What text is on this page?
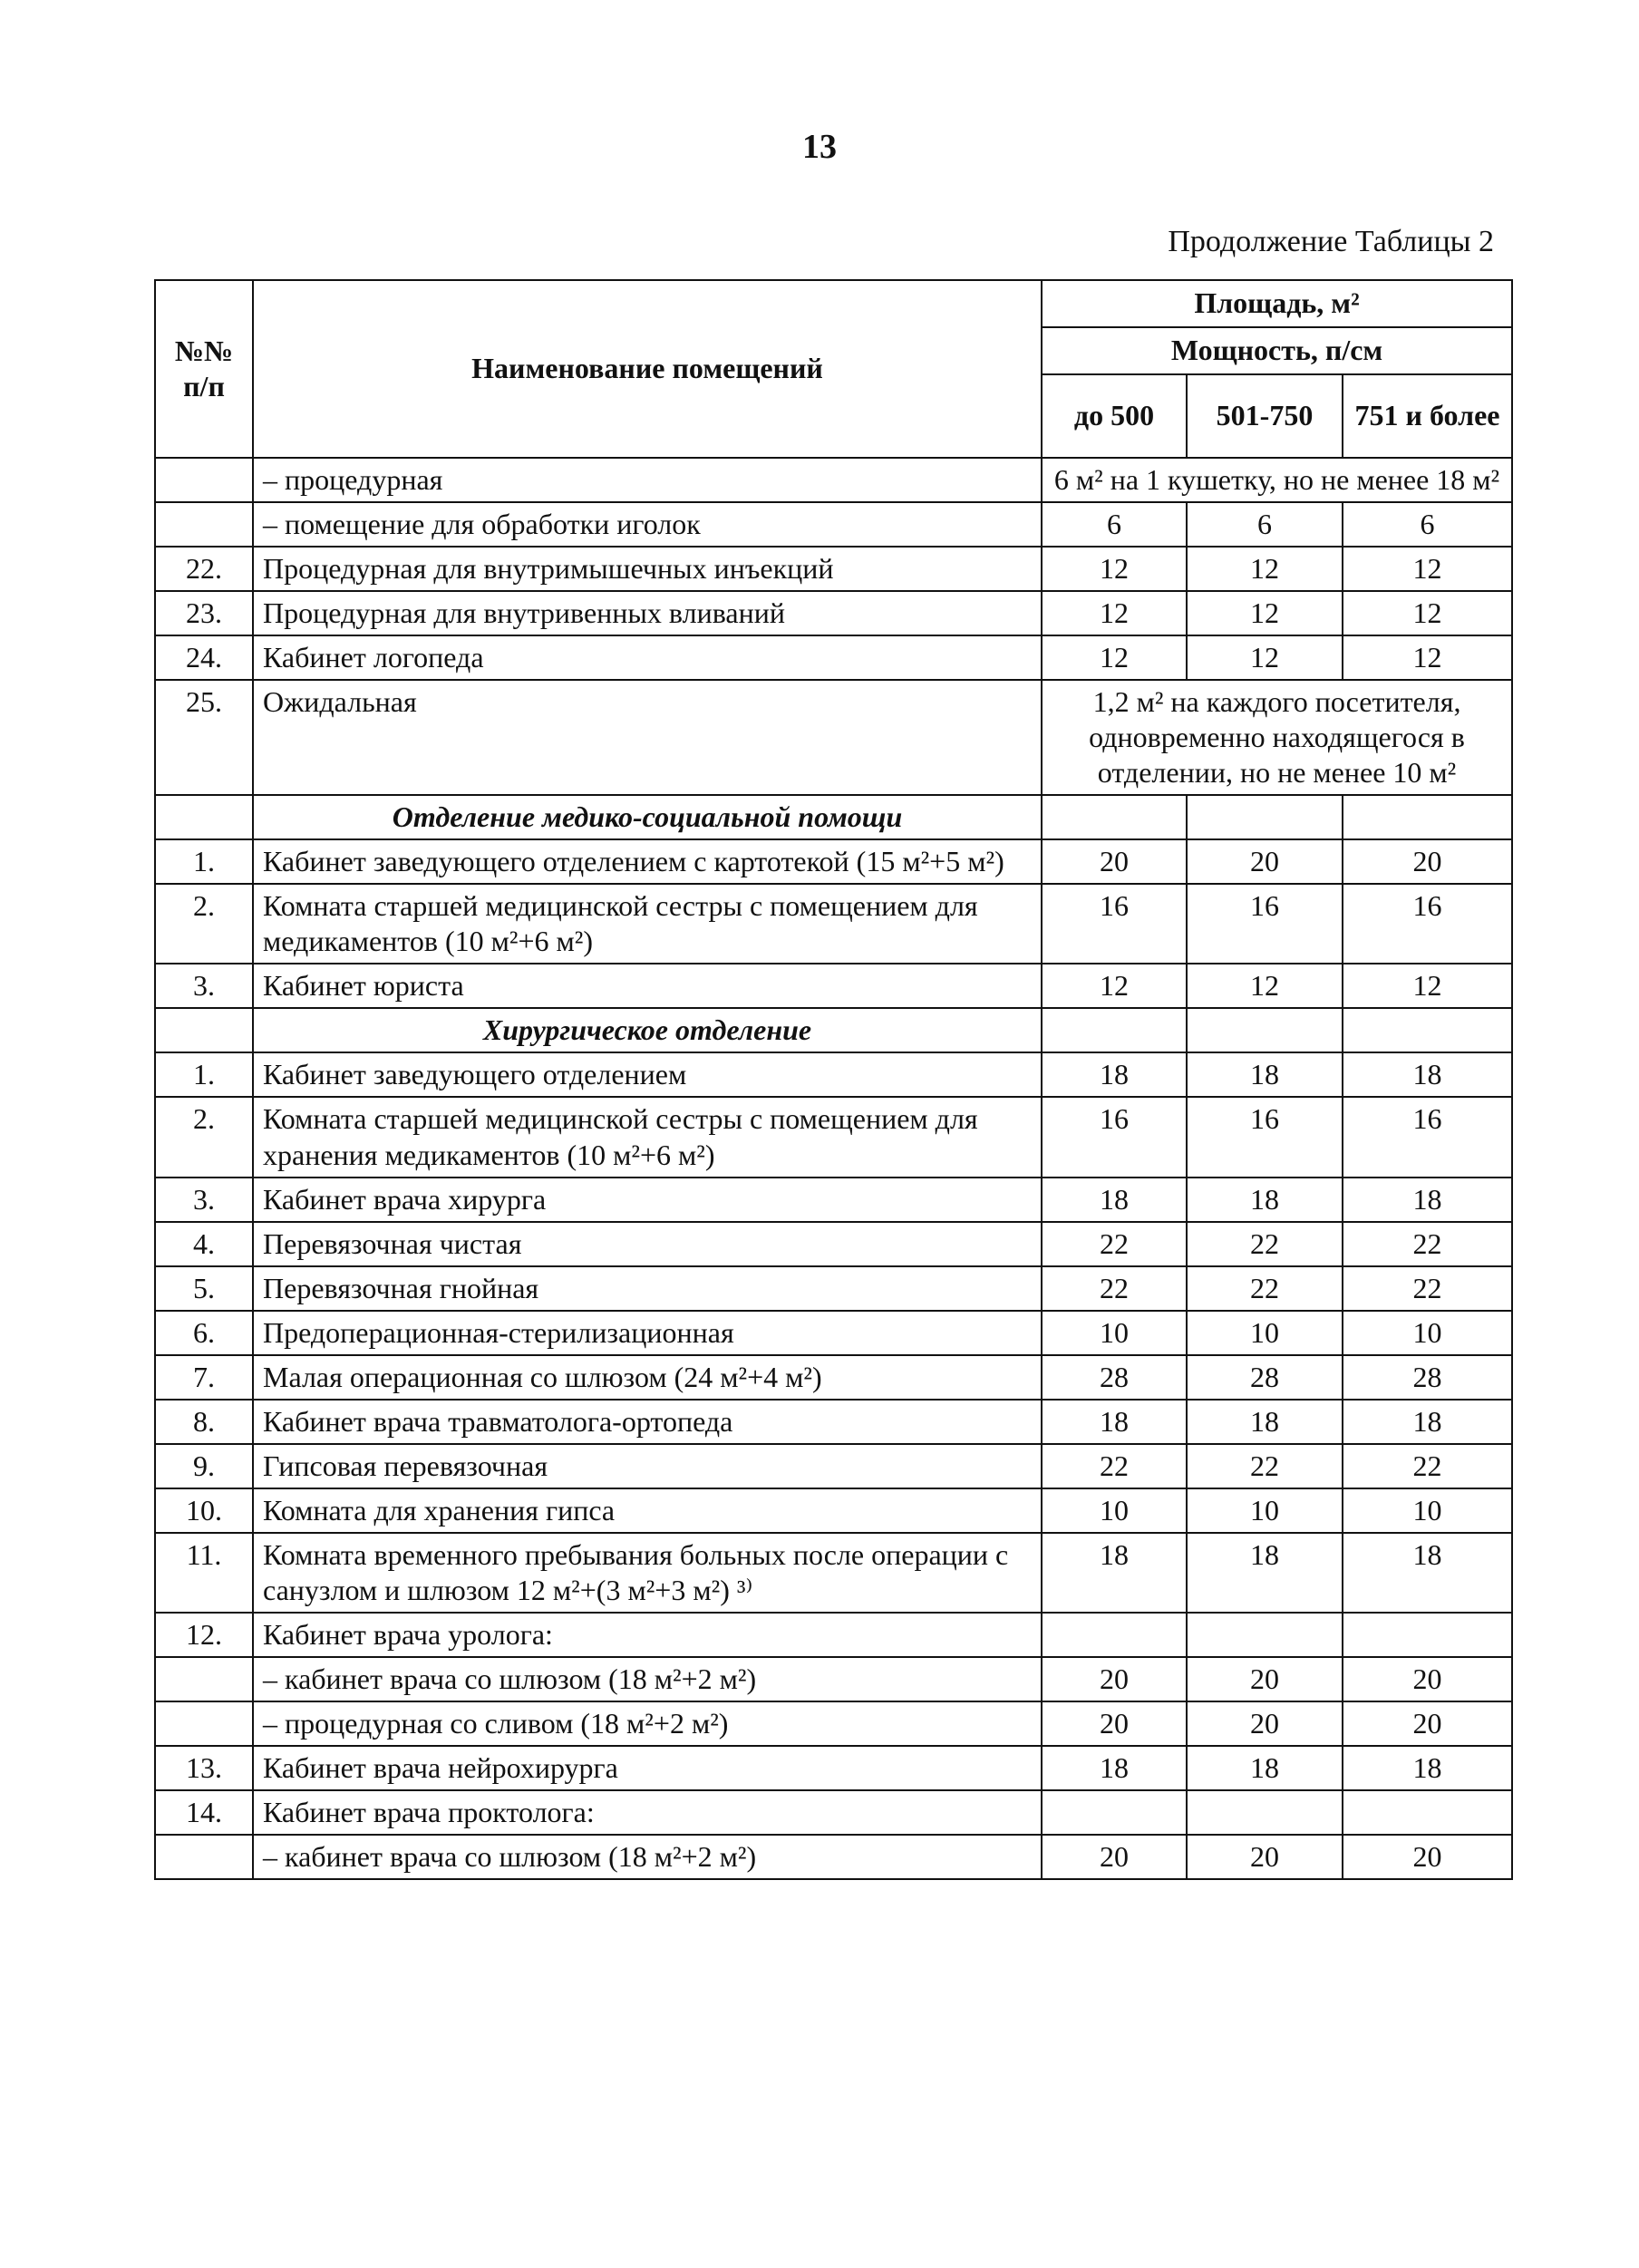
13
Продолжение Таблицы 2
№№ п/п	Наименование помещений	Площадь, м²		
		Мощность, п/см		
		до 500	501-750	751 и более
	– процедурная	6 м² на 1 кушетку, но не менее 18 м²		
	– помещение для обработки иголок	6	6	6
22.	Процедурная для внутримышечных инъекций	12	12	12
23.	Процедурная для внутривенных вливаний	12	12	12
24.	Кабинет логопеда	12	12	12
25.	Ожидальная	1,2 м² на каждого посетителя, одновременно находящегося в отделении, но не менее 10 м²		
	Отделение медико-социальной помощи			
1.	Кабинет заведующего отделением с картотекой (15 м²+5 м²)	20	20	20
2.	Комната старшей медицинской сестры с помещением для медикаментов (10 м²+6 м²)	16	16	16
3.	Кабинет юриста	12	12	12
	Хирургическое отделение			
1.	Кабинет заведующего отделением	18	18	18
2.	Комната старшей медицинской сестры с помещением для хранения медикаментов (10 м²+6 м²)	16	16	16
3.	Кабинет врача хирурга	18	18	18
4.	Перевязочная чистая	22	22	22
5.	Перевязочная гнойная	22	22	22
6.	Предоперационная-стерилизационная	10	10	10
7.	Малая операционная со шлюзом (24 м²+4 м²)	28	28	28
8.	Кабинет врача травматолога-ортопеда	18	18	18
9.	Гипсовая перевязочная	22	22	22
10.	Комната для хранения гипса	10	10	10
11.	Комната временного пребывания больных после операции с санузлом и шлюзом 12 м²+(3 м²+3 м²) ³⁾	18	18	18
12.	Кабинет врача уролога:			
	– кабинет врача со шлюзом (18 м²+2 м²)	20	20	20
	– процедурная со сливом (18 м²+2 м²)	20	20	20
13.	Кабинет врача нейрохирурга	18	18	18
14.	Кабинет врача проктолога:			
	– кабинет врача со шлюзом (18 м²+2 м²)	20	20	20
